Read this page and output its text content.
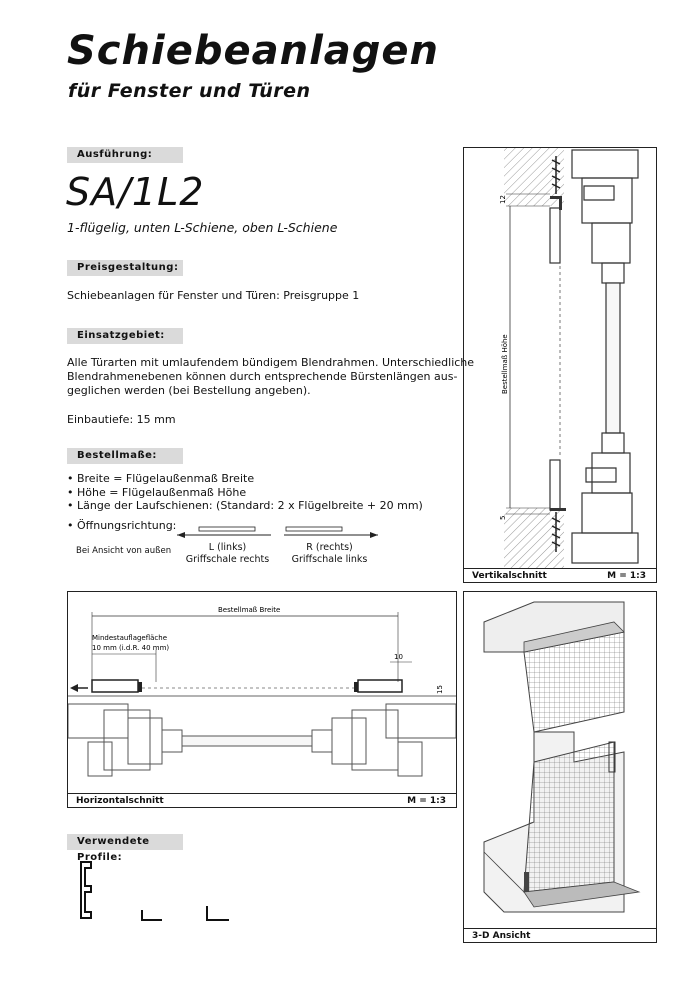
Schiebeanlagen
für Fenster und Türen
Ausführung:
SA/1L2
1-flügelig, unten L-Schiene, oben L-Schiene
Preisgestaltung:
Schiebeanlagen für Fenster und Türen: Preisgruppe 1
Einsatzgebiet:
Alle Türarten mit umlaufendem bündigem Blendrahmen. Unterschiedliche
Blendrahmenebenen können durch entsprechende Bürstenlängen aus-
geglichen werden (bei Bestellung angeben).
Einbautiefe: 15 mm
Bestellmaße:
• Breite = Flügelaußenmaß Breite
• Höhe = Flügelaußenmaß Höhe
• Länge der Laufschienen: (Standard: 2 x Flügelbreite + 20 mm)
• Öffnungsrichtung:
Bei Ansicht von außen	L (links)
Griffschale rechts
R (rechts)
Griffschale links
12
5
Bestellmaß Höhe
Vertikalschnitt	M = 1:3
Bestellmaß Breite
Mindestauflagefläche
10 mm (i.d.R. 40 mm)
10
15
Horizontalschnitt	M = 1:3
3-D Ansicht
Verwendete Profile:
